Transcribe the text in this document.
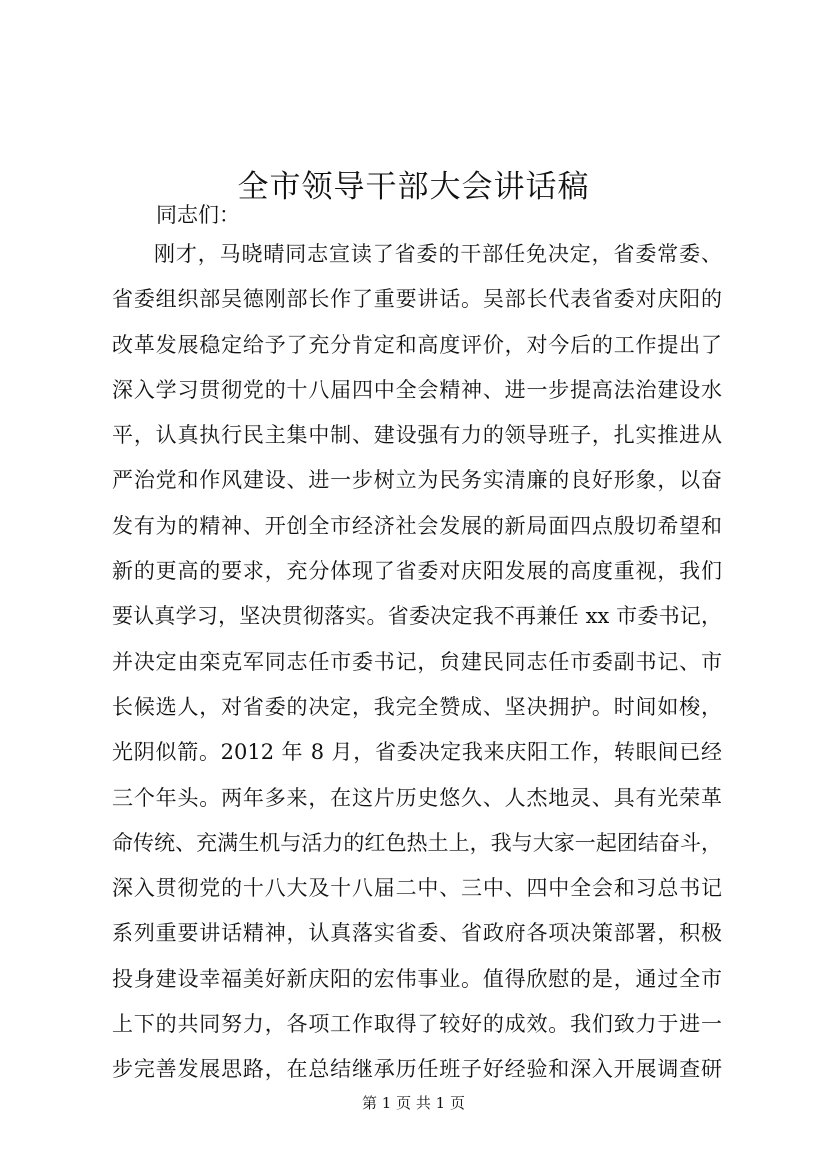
全市领导干部大会讲话稿
同志们：
刚才，马晓晴同志宣读了省委的干部任免决定，省委常委、
省委组织部吴德刚部长作了重要讲话。吴部长代表省委对庆阳的
改革发展稳定给予了充分肯定和高度评价，对今后的工作提出了
深入学习贯彻党的十八届四中全会精神、进一步提高法治建设水
平，认真执行民主集中制、建设强有力的领导班子，扎实推进从
严治党和作风建设、进一步树立为民务实清廉的良好形象，以奋
发有为的精神、开创全市经济社会发展的新局面四点殷切希望和
新的更高的要求，充分体现了省委对庆阳发展的高度重视，我们
要认真学习，坚决贯彻落实。省委决定我不再兼任 xx 市委书记，
并决定由栾克军同志任市委书记，贠建民同志任市委副书记、市
长候选人，对省委的决定，我完全赞成、坚决拥护。时间如梭，
光阴似箭。2012 年 8 月，省委决定我来庆阳工作，转眼间已经
三个年头。两年多来，在这片历史悠久、人杰地灵、具有光荣革
命传统、充满生机与活力的红色热土上，我与大家一起团结奋斗，
深入贯彻党的十八大及十八届二中、三中、四中全会和习总书记
系列重要讲话精神，认真落实省委、省政府各项决策部署，积极
投身建设幸福美好新庆阳的宏伟事业。值得欣慰的是，通过全市
上下的共同努力，各项工作取得了较好的成效。我们致力于进一
步完善发展思路，在总结继承历任班子好经验和深入开展调查研
第 1 页 共 1 页
